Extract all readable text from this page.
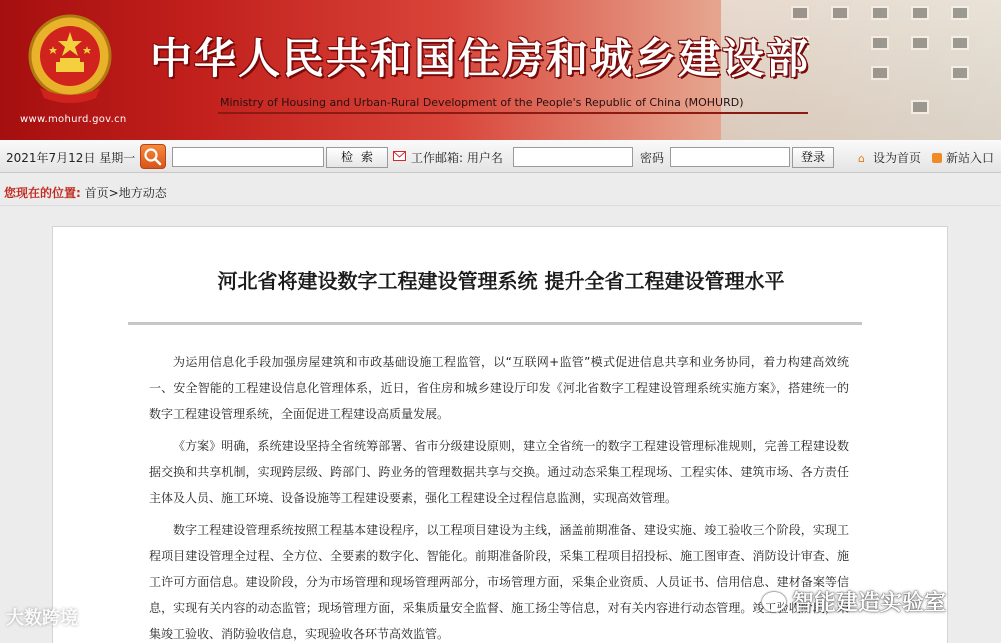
www.mohurd.gov.cn
中华人民共和国住房和城乡建设部
Ministry of Housing and Urban-Rural Development of the People's Republic of China (MOHURD)
2021年7月12日 星期一	检索	工作邮箱: 用户名	密码	登录	⌂ 设为首页	新站入口
您现在的位置: 首页>地方动态
河北省将建设数字工程建设管理系统 提升全省工程建设管理水平

为运用信息化手段加强房屋建筑和市政基础设施工程监管，以“互联网+监管”模式促进信息共享和业务协同，着力构建高效统一、安全智能的工程建设信息化管理体系，近日，省住房和城乡建设厅印发《河北省数字工程建设管理系统实施方案》，搭建统一的数字工程建设管理系统，全面促进工程建设高质量发展。

《方案》明确，系统建设坚持全省统筹部署、省市分级建设原则，建立全省统一的数字工程建设管理标准规则，完善工程建设数据交换和共享机制，实现跨层级、跨部门、跨业务的管理数据共享与交换。通过动态采集工程现场、工程实体、建筑市场、各方责任主体及人员、施工环境、设备设施等工程建设要素，强化工程建设全过程信息监测，实现高效管理。

数字工程建设管理系统按照工程基本建设程序，以工程项目建设为主线，涵盖前期准备、建设实施、竣工验收三个阶段，实现工程项目建设管理全过程、全方位、全要素的数字化、智能化。前期准备阶段，采集工程项目招投标、施工图审查、消防设计审查、施工许可方面信息。建设阶段，分为市场管理和现场管理两部分，市场管理方面，采集企业资质、人员证书、信用信息、建材备案等信息，实现有关内容的动态监管；现场管理方面，采集质量安全监督、施工扬尘等信息，对有关内容进行动态管理。竣工验收阶段，采集竣工验收、消防验收信息，实现验收各环节高效监管。

大数跨境
智能建造实验室
